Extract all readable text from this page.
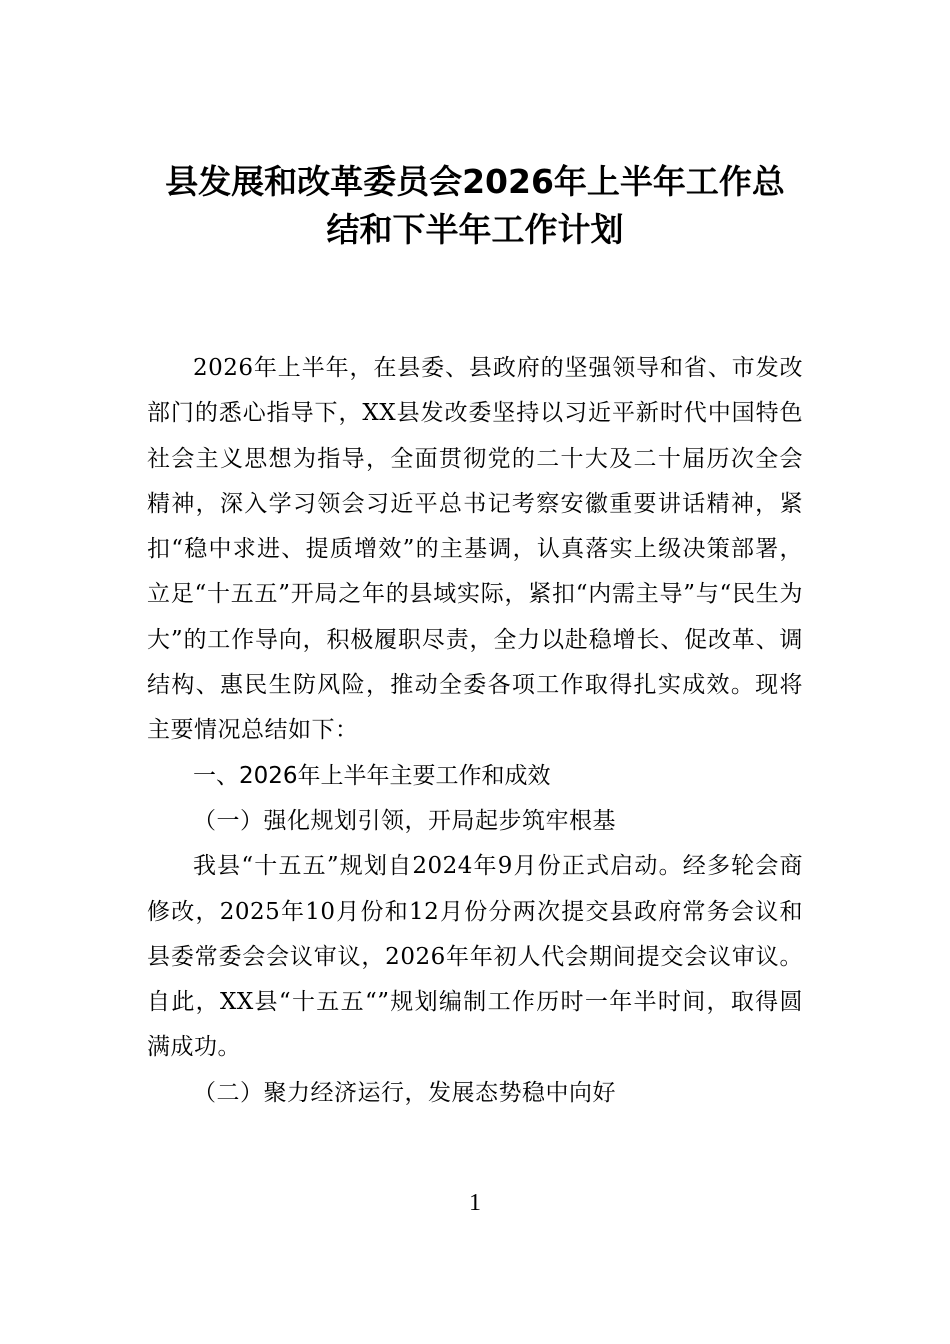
县发展和改革委员会2026年上半年工作总
结和下半年工作计划

2026年上半年，在县委、县政府的坚强领导和省、市发改部门的悉心指导下，XX县发改委坚持以习近平新时代中国特色社会主义思想为指导，全面贯彻党的二十大及二十届历次全会精神，深入学习领会习近平总书记考察安徽重要讲话精神，紧扣“稳中求进、提质增效”的主基调，认真落实上级决策部署，立足“十五五”开局之年的县域实际，紧扣“内需主导”与“民生为大”的工作导向，积极履职尽责，全力以赴稳增长、促改革、调结构、惠民生防风险，推动全委各项工作取得扎实成效。现将主要情况总结如下：

一、2026年上半年主要工作和成效

（一）强化规划引领，开局起步筑牢根基

我县“十五五”规划自2024年9月份正式启动。经多轮会商修改，2025年10月份和12月份分两次提交县政府常务会议和县委常委会会议审议，2026年年初人代会期间提交会议审议。自此，XX县“十五五“”规划编制工作历时一年半时间，取得圆满成功。

（二）聚力经济运行，发展态势稳中向好

1
